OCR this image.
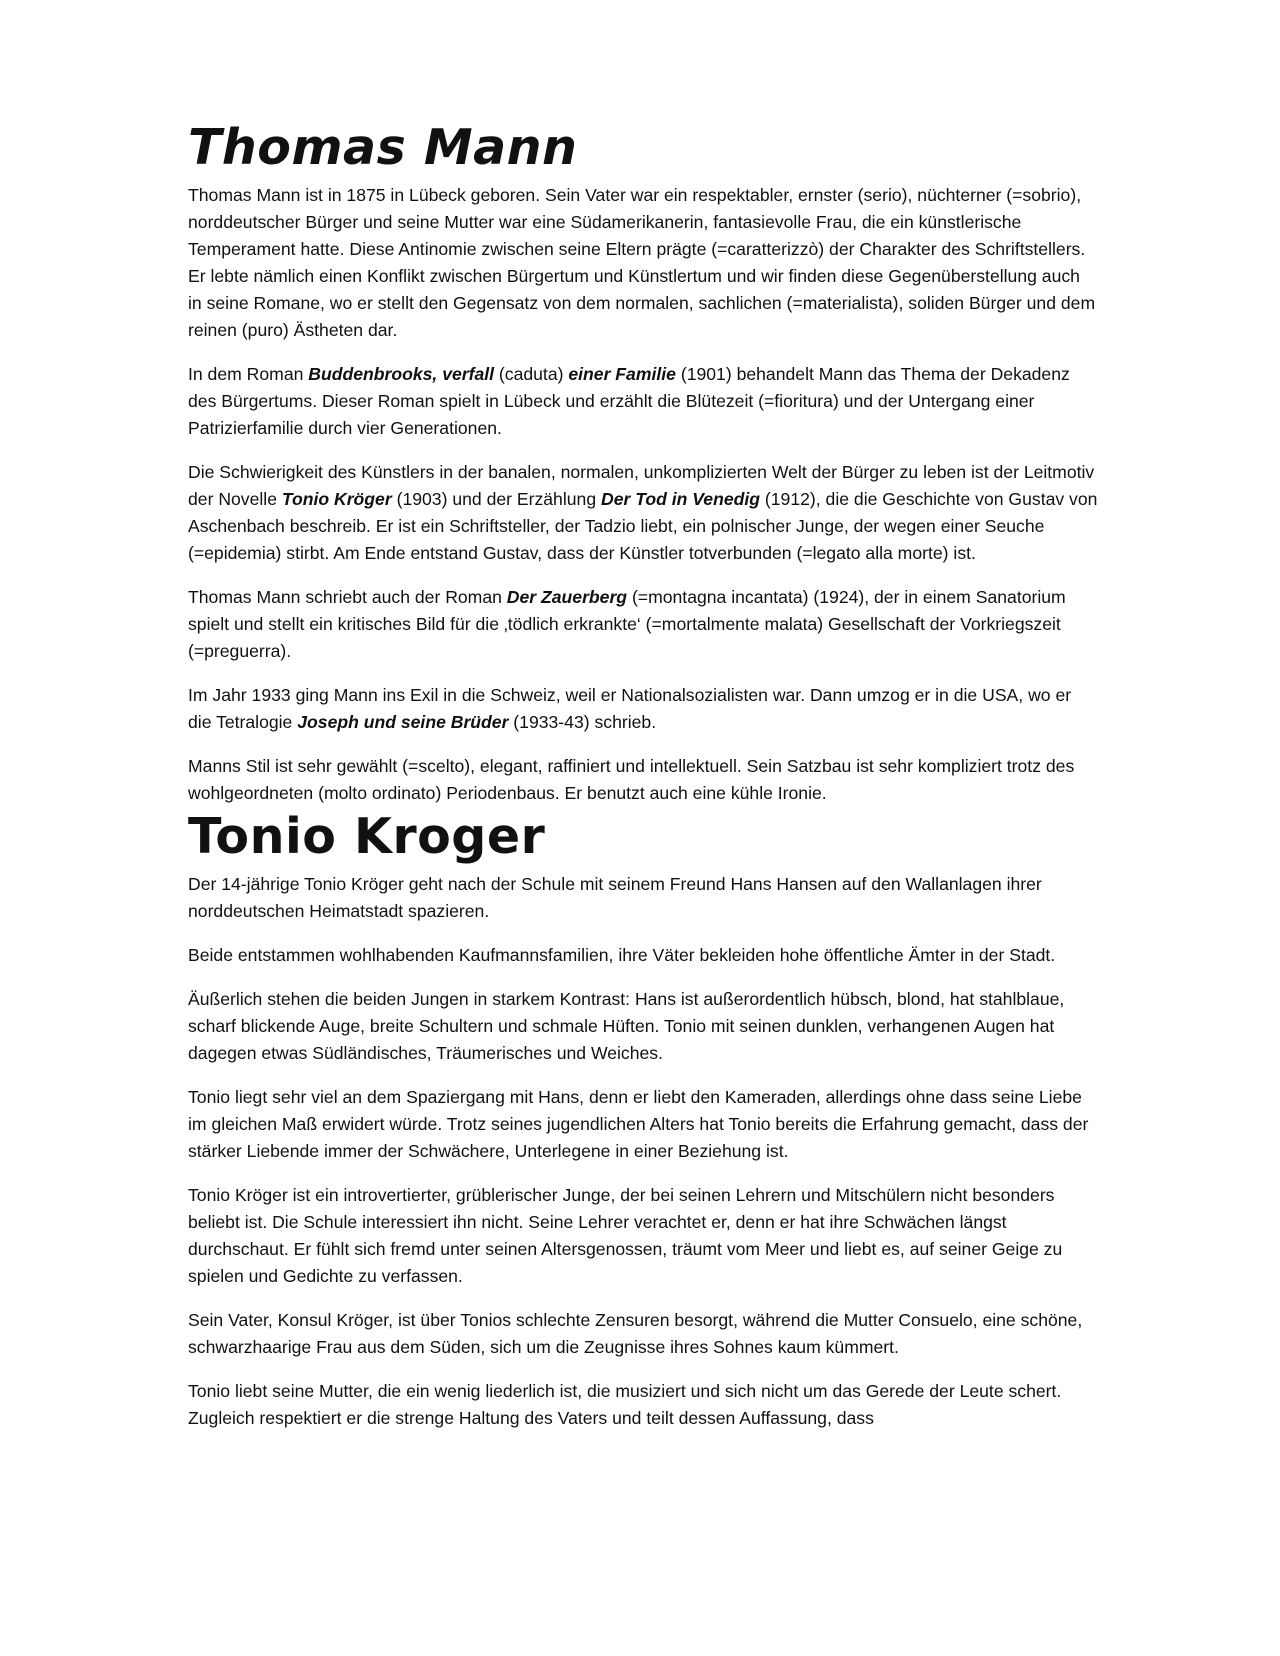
Thomas Mann

Thomas Mann ist in 1875 in Lübeck geboren. Sein Vater war ein respektabler, ernster (serio), nüchterner (=sobrio), norddeutscher Bürger und seine Mutter war eine Südamerikanerin, fantasievolle Frau, die ein künstlerische Temperament hatte. Diese Antinomie zwischen seine Eltern prägte (=caratterizzò) der Charakter des Schriftstellers. Er lebte nämlich einen Konflikt zwischen Bürgertum und Künstlertum und wir finden diese Gegenüberstellung auch in seine Romane, wo er stellt den Gegensatz von dem normalen, sachlichen (=materialista), soliden Bürger und dem reinen (puro) Ästheten dar.

In dem Roman Buddenbrooks, verfall (caduta) einer Familie (1901) behandelt Mann das Thema der Dekadenz des Bürgertums. Dieser Roman spielt in Lübeck und erzählt die Blütezeit (=fioritura) und der Untergang einer Patrizierfamilie durch vier Generationen.

Die Schwierigkeit des Künstlers in der banalen, normalen, unkomplizierten Welt der Bürger zu leben ist der Leitmotiv der Novelle Tonio Kröger (1903) und der Erzählung Der Tod in Venedig (1912), die die Geschichte von Gustav von Aschenbach beschreib. Er ist ein Schriftsteller, der Tadzio liebt, ein polnischer Junge, der wegen einer Seuche (=epidemia) stirbt. Am Ende entstand Gustav, dass der Künstler totverbunden (=legato alla morte) ist.

Thomas Mann schriebt auch der Roman Der Zauerberg (=montagna incantata) (1924), der in einem Sanatorium spielt und stellt ein kritisches Bild für die ‚tödlich erkrankte‘ (=mortalmente malata) Gesellschaft der Vorkriegszeit (=preguerra).

Im Jahr 1933 ging Mann ins Exil in die Schweiz, weil er Nationalsozialisten war. Dann umzog er in die USA, wo er die Tetralogie Joseph und seine Brüder (1933-43) schrieb.

Manns Stil ist sehr gewählt (=scelto), elegant, raffiniert und intellektuell. Sein Satzbau ist sehr kompliziert trotz des wohlgeordneten (molto ordinato) Periodenbaus. Er benutzt auch eine kühle Ironie.

Tonio Kroger

Der 14-jährige Tonio Kröger geht nach der Schule mit seinem Freund Hans Hansen auf den Wallanlagen ihrer norddeutschen Heimatstadt spazieren.

Beide entstammen wohlhabenden Kaufmannsfamilien, ihre Väter bekleiden hohe öffentliche Ämter in der Stadt.

Äußerlich stehen die beiden Jungen in starkem Kontrast: Hans ist außerordentlich hübsch, blond, hat stahlblaue, scharf blickende Auge, breite Schultern und schmale Hüften. Tonio mit seinen dunklen, verhangenen Augen hat dagegen etwas Südländisches, Träumerisches und Weiches.

Tonio liegt sehr viel an dem Spaziergang mit Hans, denn er liebt den Kameraden, allerdings ohne dass seine Liebe im gleichen Maß erwidert würde. Trotz seines jugendlichen Alters hat Tonio bereits die Erfahrung gemacht, dass der stärker Liebende immer der Schwächere, Unterlegene in einer Beziehung ist.

Tonio Kröger ist ein introvertierter, grüblerischer Junge, der bei seinen Lehrern und Mitschülern nicht besonders beliebt ist. Die Schule interessiert ihn nicht. Seine Lehrer verachtet er, denn er hat ihre Schwächen längst durchschaut. Er fühlt sich fremd unter seinen Altersgenossen, träumt vom Meer und liebt es, auf seiner Geige zu spielen und Gedichte zu verfassen.

Sein Vater, Konsul Kröger, ist über Tonios schlechte Zensuren besorgt, während die Mutter Consuelo, eine schöne, schwarzhaarige Frau aus dem Süden, sich um die Zeugnisse ihres Sohnes kaum kümmert.

Tonio liebt seine Mutter, die ein wenig liederlich ist, die musiziert und sich nicht um das Gerede der Leute schert. Zugleich respektiert er die strenge Haltung des Vaters und teilt dessen Auffassung, dass
